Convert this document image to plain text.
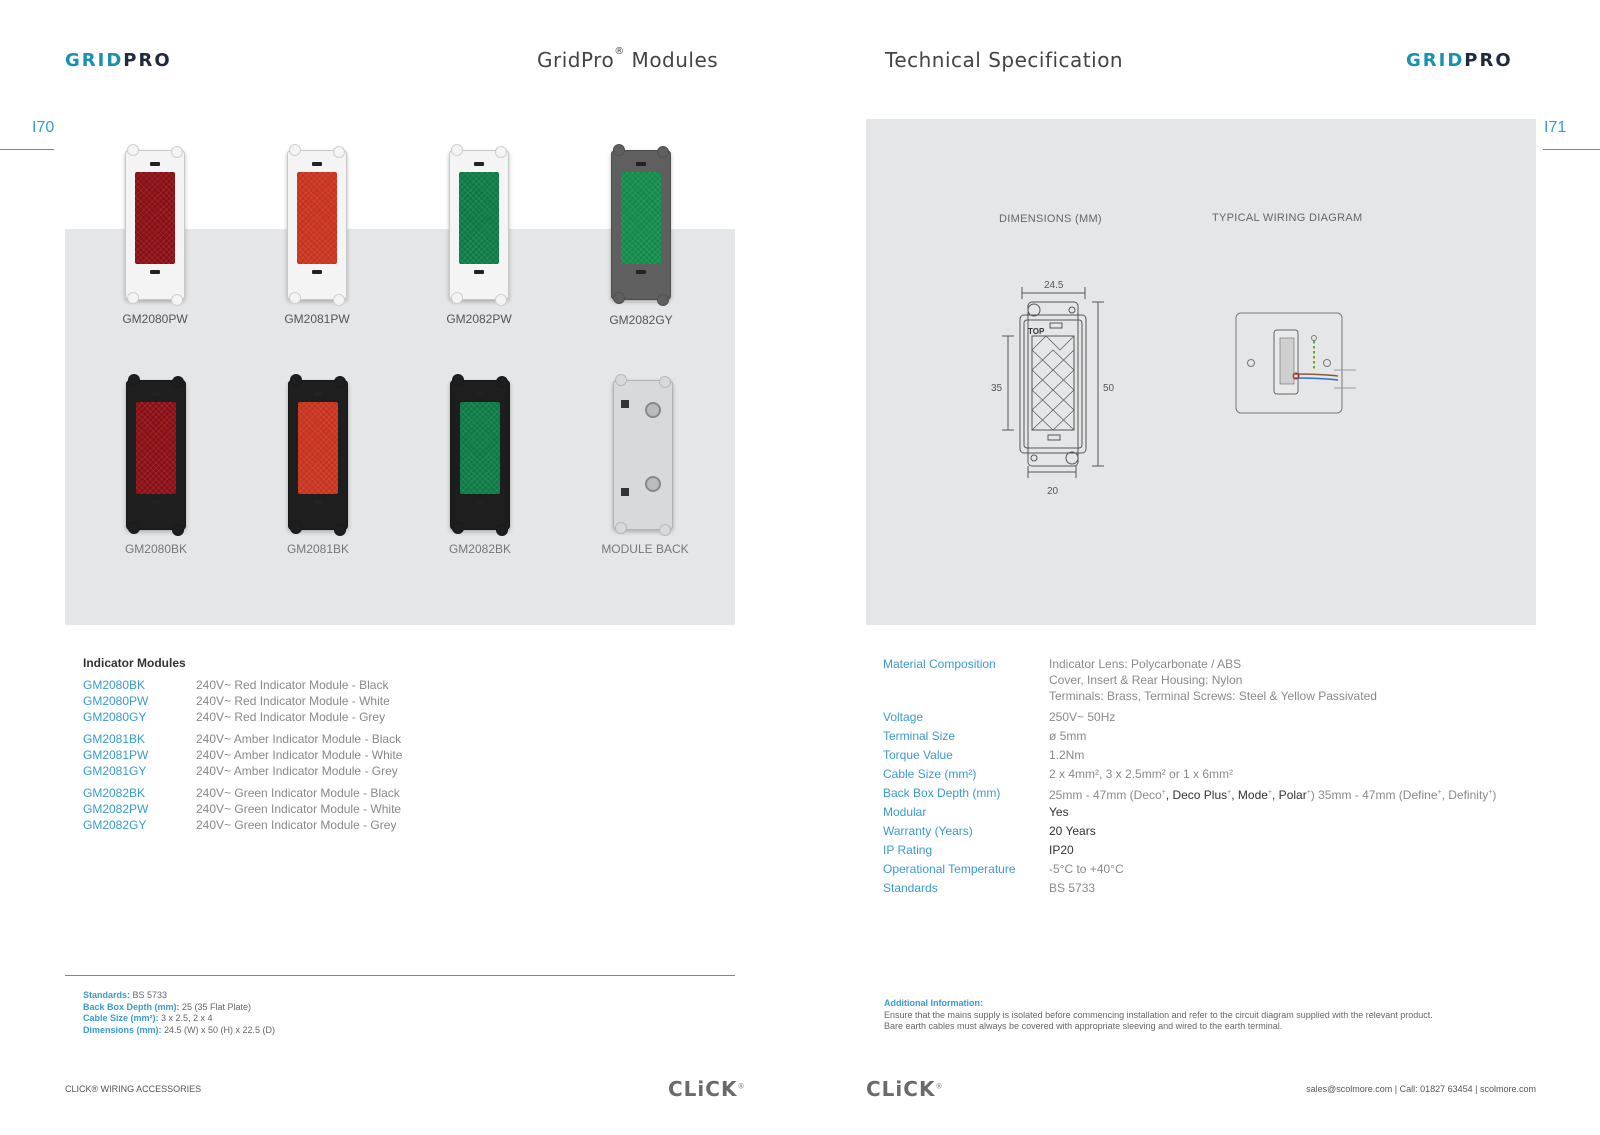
GRIDPRO	GridPro® Modules	Technical Specification	GRIDPRO
I70	I71
GM2080PW	GM2081PW	GM2082PW	GM2082GY
GM2080BK	GM2081BK	GM2082BK	MODULE BACK
Indicator Modules
GM2080BK	240V~ Red Indicator Module - Black
GM2080PW	240V~ Red Indicator Module - White
GM2080GY	240V~ Red Indicator Module - Grey
GM2081BK	240V~ Amber Indicator Module - Black
GM2081PW	240V~ Amber Indicator Module - White
GM2081GY	240V~ Amber Indicator Module - Grey
GM2082BK	240V~ Green Indicator Module - Black
GM2082PW	240V~ Green Indicator Module - White
GM2082GY	240V~ Green Indicator Module - Grey
Standards: BS 5733
Back Box Depth (mm): 25 (35 Flat Plate)
Cable Size (mm²): 3 x 2.5, 2 x 4
Dimensions (mm): 24.5 (W) x 50 (H) x 22.5 (D)
DIMENSIONS (MM)	TYPICAL WIRING DIAGRAM
24.5
35	50
20
TOP
Material Composition	Indicator Lens: Polycarbonate / ABS
Cover, Insert & Rear Housing: Nylon
Terminals: Brass, Terminal Screws: Steel & Yellow Passivated
Voltage	250V~ 50Hz
Terminal Size	ø 5mm
Torque Value	1.2Nm
Cable Size (mm²)	2 x 4mm², 3 x 2.5mm² or 1 x 6mm²
Back Box Depth (mm)	25mm - 47mm (Deco+, Deco Plus+, Mode+, Polar+) 35mm - 47mm (Define+, Definity+)
Modular	Yes
Warranty (Years)	20 Years
IP Rating	IP20
Operational Temperature	-5°C to +40°C
Standards	BS 5733
Additional Information:
Ensure that the mains supply is isolated before commencing installation and refer to the circuit diagram supplied with the relevant product.
Bare earth cables must always be covered with appropriate sleeving and wired to the earth terminal.
CLICK® WIRING ACCESSORIES	CLiCK®	CLiCK®	sales@scolmore.com | Call: 01827 63454 | scolmore.com
